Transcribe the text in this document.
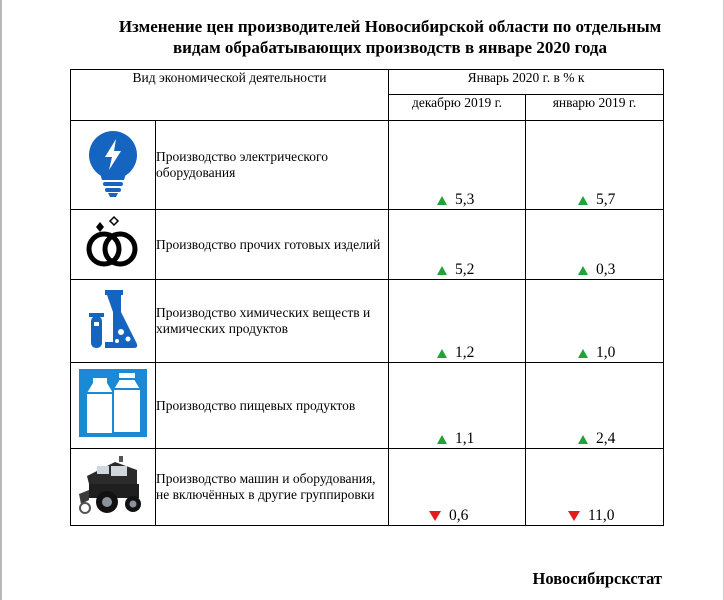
Изменение цен производителей Новосибирской области по отдельным
видам обрабатывающих производств в январе 2020 года
Вид экономической деятельности		Январь 2020 г. в % к	
		декабрю 2019 г.	январю 2019 г.
	Производство электрического оборудования	5,3	5,7

	Производство прочих готовых изделий	5,2	0,3

	Производство химических веществ и химических продуктов	1,2	1,0

	Производство пищевых продуктов	1,1	2,4

	Производство машин и оборудования, не включённых в другие группировки	0,6	11,0
Новосибирскстат
